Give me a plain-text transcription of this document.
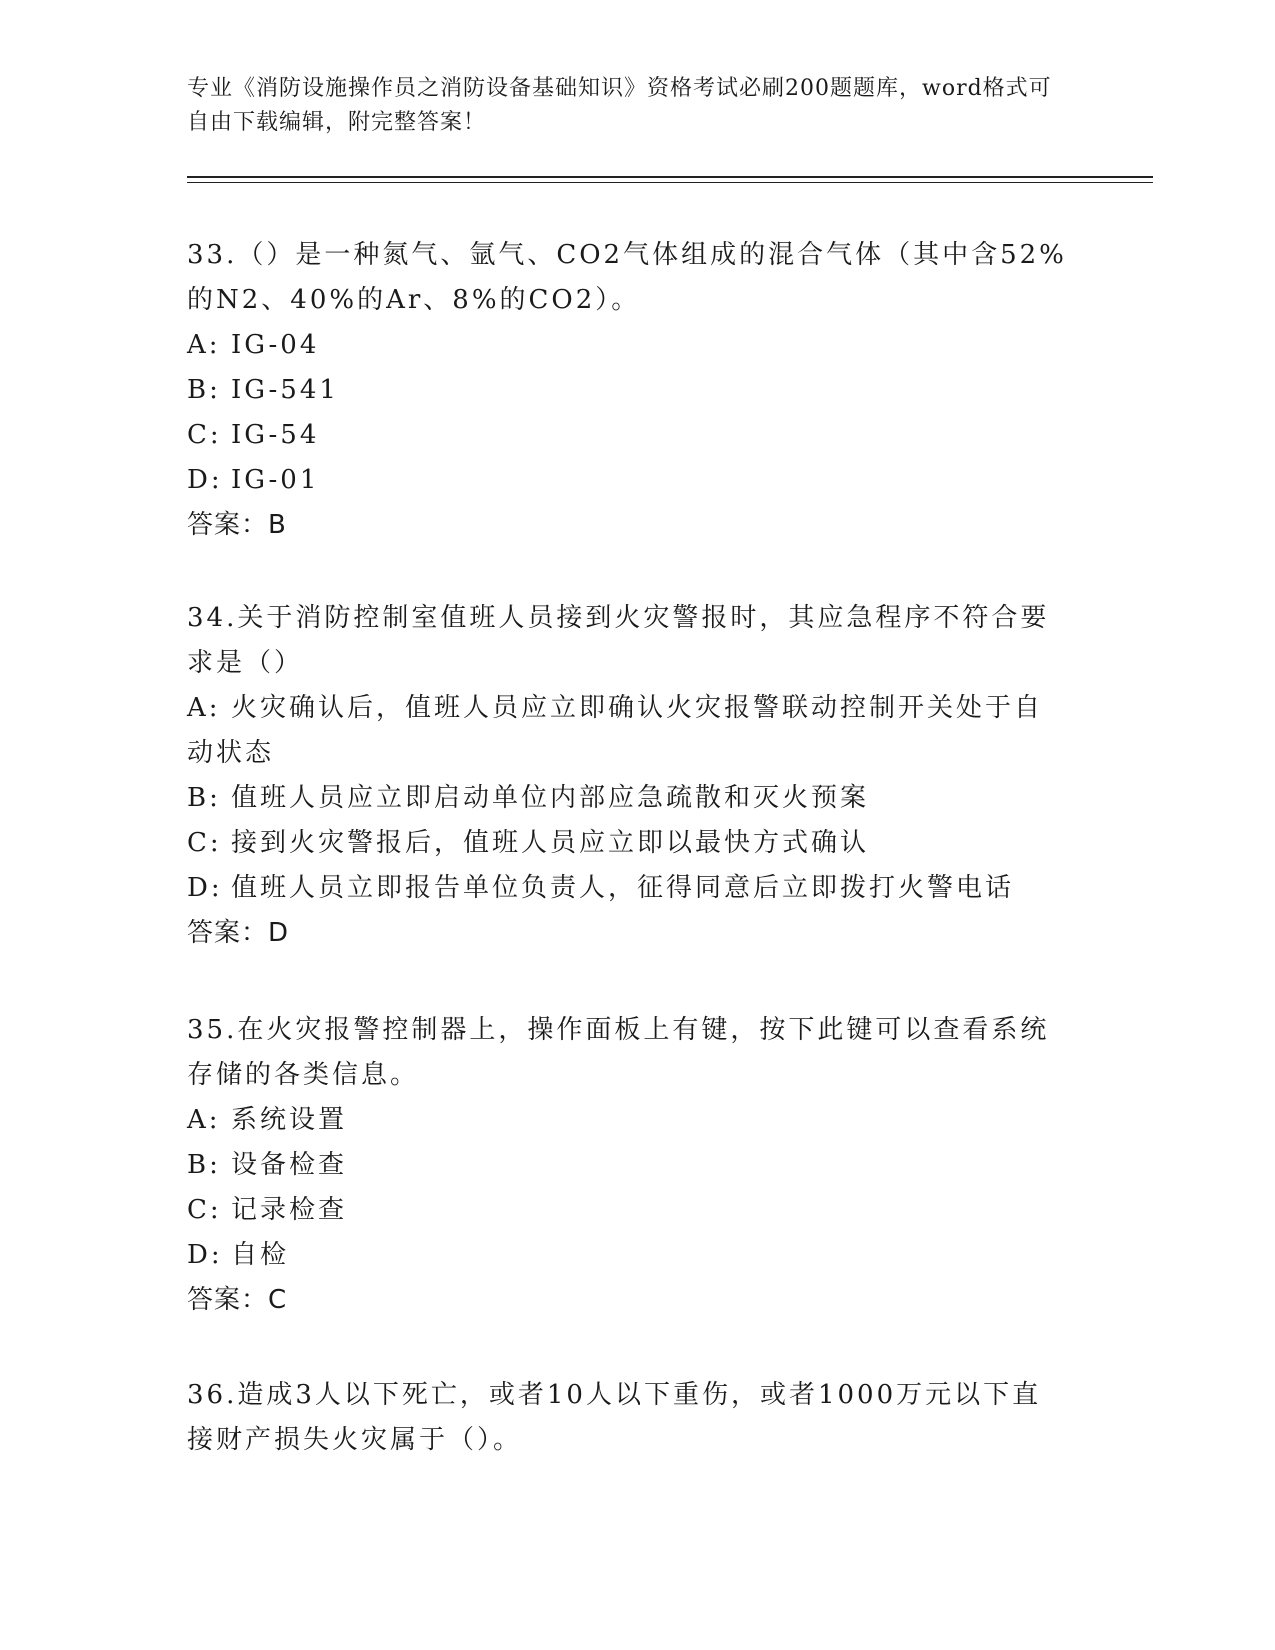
专业《消防设施操作员之消防设备基础知识》资格考试必刷200题题库，word格式可自由下载编辑，附完整答案！

33.（）是一种氮气、氩气、CO2气体组成的混合气体（其中含52%的N2、40%的Ar、8%的CO2）。

A: IG-04

B: IG-541

C: IG-54

D: IG-01

答案：B

34.关于消防控制室值班人员接到火灾警报时，其应急程序不符合要求是（）

A: 火灾确认后，值班人员应立即确认火灾报警联动控制开关处于自动状态

B: 值班人员应立即启动单位内部应急疏散和灭火预案

C: 接到火灾警报后，值班人员应立即以最快方式确认

D: 值班人员立即报告单位负责人，征得同意后立即拨打火警电话

答案：D

35.在火灾报警控制器上，操作面板上有键，按下此键可以查看系统存储的各类信息。

A: 系统设置

B: 设备检查

C: 记录检查

D: 自检

答案：C

36.造成3人以下死亡，或者10人以下重伤，或者1000万元以下直接财产损失火灾属于（）。
